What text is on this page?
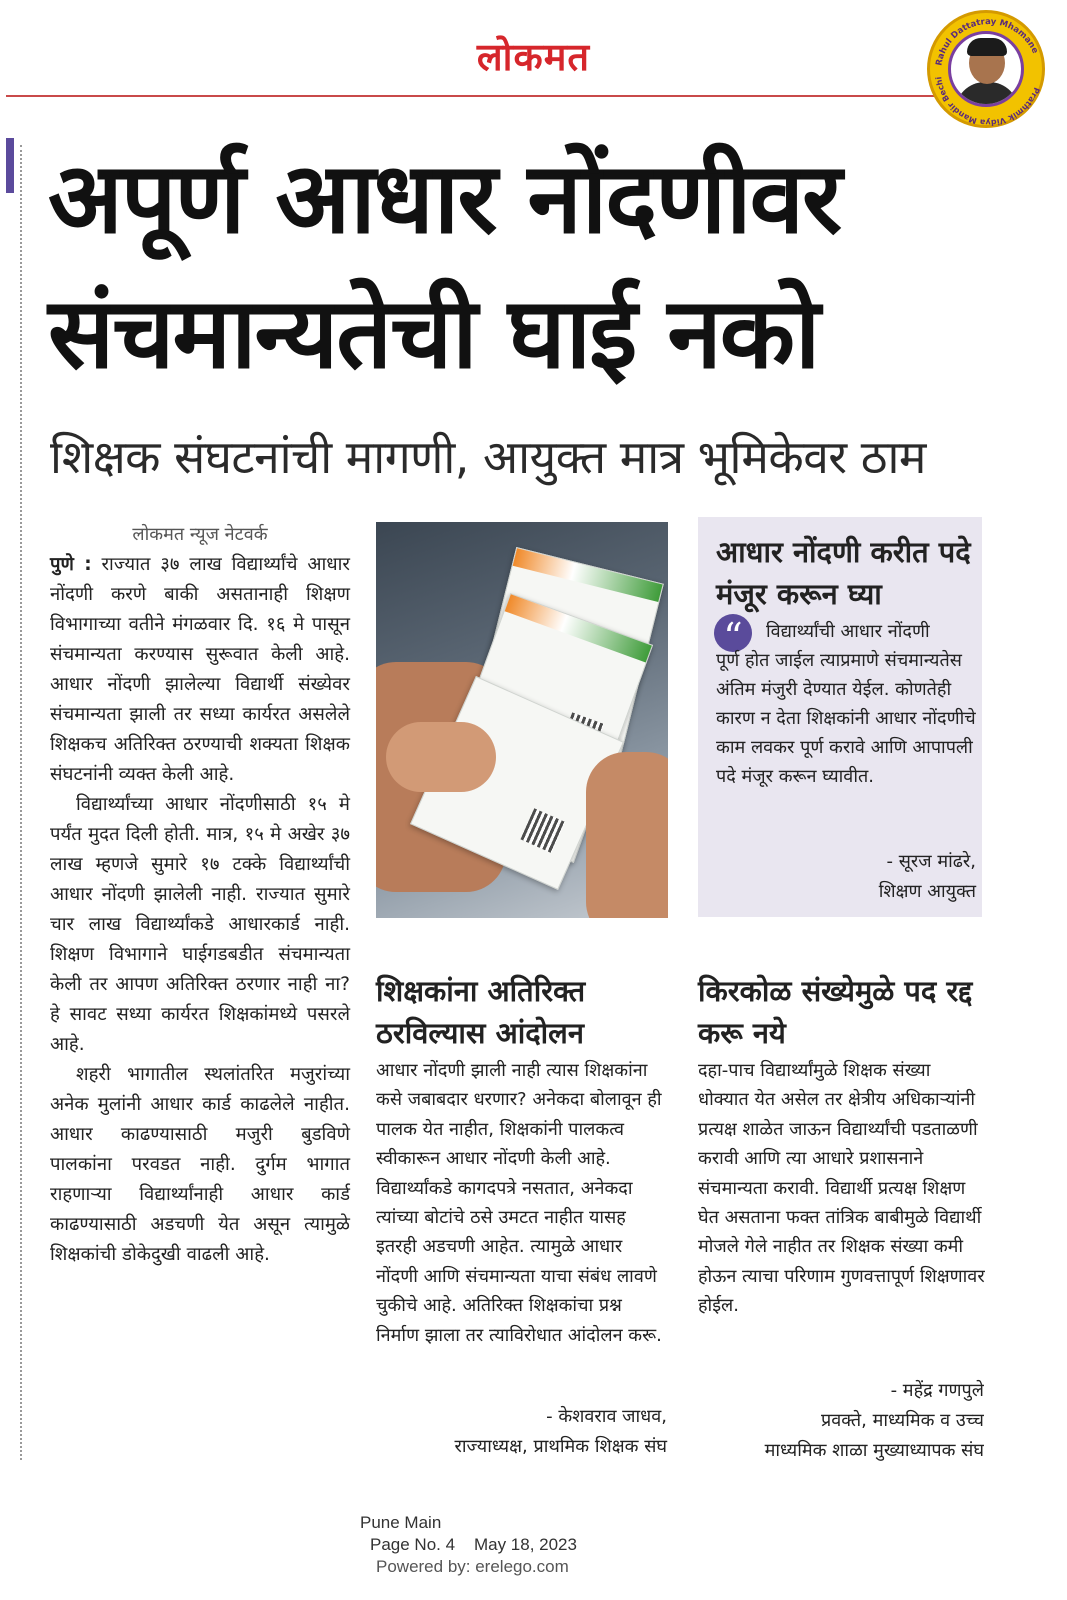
लोकमत	Rahul Dattatray Mhamane
Prathmik Vidya Mandir Bechi
अपूर्ण आधार नोंदणीवर
संचमान्यतेची घाई नको
शिक्षक संघटनांची मागणी, आयुक्त मात्र भूमिकेवर ठाम
लोकमत न्यूज नेटवर्क

पुणे : राज्यात ३७ लाख विद्यार्थ्यांचे आधार नोंदणी करणे बाकी असतानाही शिक्षण विभागाच्या वतीने मंगळवार दि. १६ मे पासून संचमान्यता करण्यास सुरूवात केली आहे. आधार नोंदणी झालेल्या विद्यार्थी संख्येवर संचमान्यता झाली तर सध्या कार्यरत असलेले शिक्षकच अतिरिक्त ठरण्याची शक्यता शिक्षक संघटनांनी व्यक्त केली आहे.

विद्यार्थ्यांच्या आधार नोंदणीसाठी १५ मे पर्यंत मुदत दिली होती. मात्र, १५ मे अखेर ३७ लाख म्हणजे सुमारे १७ टक्के विद्यार्थ्यांची आधार नोंदणी झालेली नाही. राज्यात सुमारे चार लाख विद्यार्थ्यांकडे आधारकार्ड नाही. शिक्षण विभागाने घाईगडबडीत संचमान्यता केली तर आपण अतिरिक्त ठरणार नाही ना? हे सावट सध्या कार्यरत शिक्षकांमध्ये पसरले आहे.

शहरी भागातील स्थलांतरित मजुरांच्या अनेक मुलांनी आधार कार्ड काढलेले नाहीत. आधार काढण्यासाठी मजुरी बुडविणे पालकांना परवडत नाही. दुर्गम भागात राहणाऱ्या विद्यार्थ्यांनाही आधार कार्ड काढण्यासाठी अडचणी येत असून त्यामुळे शिक्षकांची डोकेदुखी वाढली आहे.

आधार नोंदणी करीत पदे मंजूर करून घ्या
“	विद्यार्थ्यांची आधार नोंदणी
पूर्ण होत जाईल त्याप्रमाणे संचमान्यतेस अंतिम मंजुरी देण्यात येईल. कोणतेही कारण न देता शिक्षकांनी आधार नोंदणीचे काम लवकर पूर्ण करावे आणि आपापली पदे मंजूर करून घ्यावीत.
- सूरज मांढरे,
शिक्षण आयुक्त
शिक्षकांना अतिरिक्त ठरविल्यास आंदोलन
आधार नोंदणी झाली नाही त्यास शिक्षकांना कसे जबाबदार धरणार? अनेकदा बोलावून ही पालक येत नाहीत, शिक्षकांनी पालकत्व स्वीकारून आधार नोंदणी केली आहे. विद्यार्थ्यांकडे कागदपत्रे नसतात, अनेकदा त्यांच्या बोटांचे ठसे उमटत नाहीत यासह इतरही अडचणी आहेत. त्यामुळे आधार नोंदणी आणि संचमान्यता याचा संबंध लावणे चुकीचे आहे. अतिरिक्त शिक्षकांचा प्रश्न निर्माण झाला तर त्याविरोधात आंदोलन करू.
- केशवराव जाधव,
राज्याध्यक्ष, प्राथमिक शिक्षक संघ
किरकोळ संख्येमुळे पद रद्द करू नये
दहा-पाच विद्यार्थ्यांमुळे शिक्षक संख्या धोक्यात येत असेल तर क्षेत्रीय अधिकाऱ्यांनी प्रत्यक्ष शाळेत जाऊन विद्यार्थ्यांची पडताळणी करावी आणि त्या आधारे प्रशासनाने संचमान्यता करावी. विद्यार्थी प्रत्यक्ष शिक्षण घेत असताना फक्त तांत्रिक बाबीमुळे विद्यार्थी मोजले गेले नाहीत तर शिक्षक संख्या कमी होऊन त्याचा परिणाम गुणवत्तापूर्ण शिक्षणावर होईल.
- महेंद्र गणपुले
प्रवक्ते, माध्यमिक व उच्च
माध्यमिक शाळा मुख्याध्यापक संघ
Pune Main
Page No. 4    May 18, 2023
Powered by: erelego.com
